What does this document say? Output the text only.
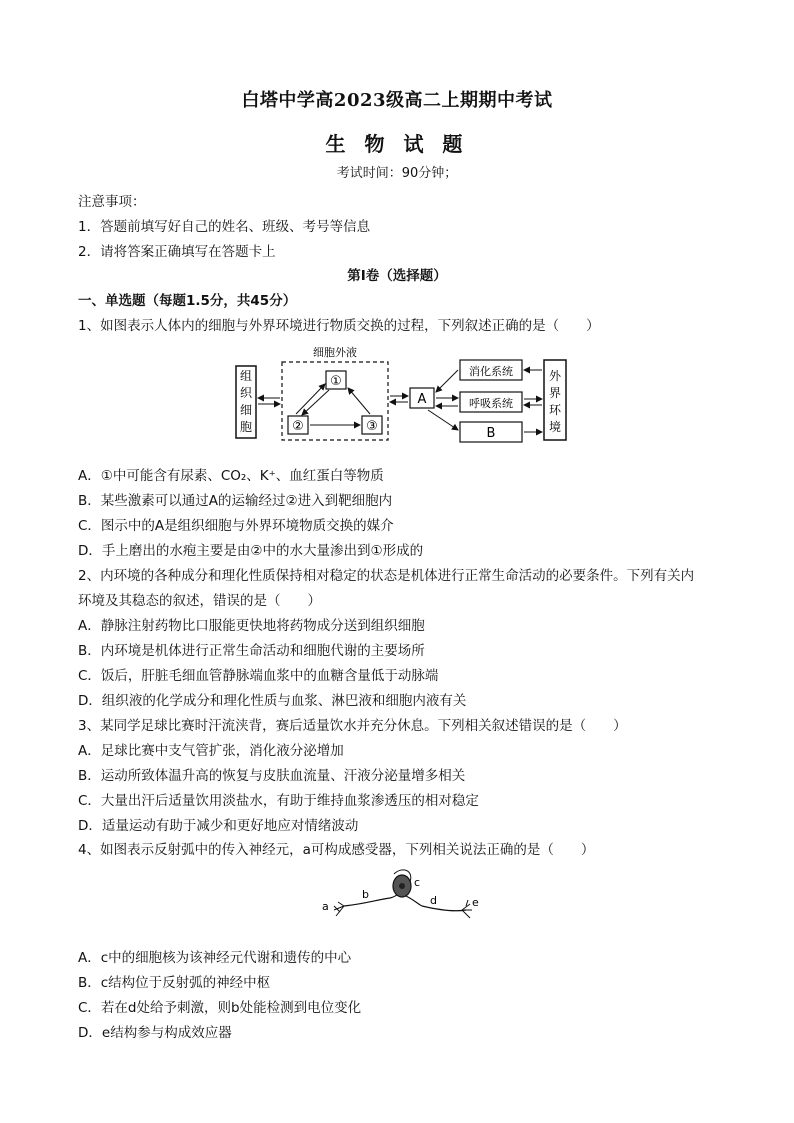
白塔中学高2023级高二上期期中考试
生 物 试 题
考试时间：90分钟；
注意事项：
1．答题前填写好自己的姓名、班级、考号等信息
2．请将答案正确填写在答题卡上
第Ⅰ卷（选择题）
一、单选题（每题1.5分，共45分）
1、如图表示人体内的细胞与外界环境进行物质交换的过程，下列叙述正确的是（　　）
组织细胞
细胞外液
①
②	③
A
消化系统
呼吸系统
B
外界环境
A．①中可能含有尿素、CO₂、K⁺、血红蛋白等物质
B．某些激素可以通过A的运输经过②进入到靶细胞内
C．图示中的A是组织细胞与外界环境物质交换的媒介
D．手上磨出的水疱主要是由②中的水大量渗出到①形成的
2、内环境的各种成分和理化性质保持相对稳定的状态是机体进行正常生命活动的必要条件。下列有关内
环境及其稳态的叙述，错误的是（　　）
A．静脉注射药物比口服能更快地将药物成分送到组织细胞
B．内环境是机体进行正常生命活动和细胞代谢的主要场所
C．饭后，肝脏毛细血管静脉端血浆中的血糖含量低于动脉端
D．组织液的化学成分和理化性质与血浆、淋巴液和细胞内液有关
3、某同学足球比赛时汗流浃背，赛后适量饮水并充分休息。下列相关叙述错误的是（　　）
A．足球比赛中支气管扩张，消化液分泌增加
B．运动所致体温升高的恢复与皮肤血流量、汗液分泌量增多相关
C．大量出汗后适量饮用淡盐水，有助于维持血浆渗透压的相对稳定
D．适量运动有助于减少和更好地应对情绪波动
4、如图表示反射弧中的传入神经元，a可构成感受器，下列相关说法正确的是（　　）
a
b
c
d	e
A．c中的细胞核为该神经元代谢和遗传的中心
B．c结构位于反射弧的神经中枢
C．若在d处给予刺激，则b处能检测到电位变化
D．e结构参与构成效应器
